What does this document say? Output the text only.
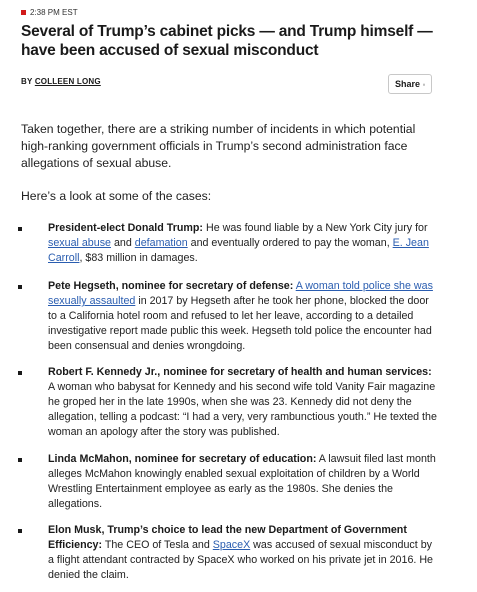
2:38 PM EST
Several of Trump’s cabinet picks — and Trump himself — have been accused of sexual misconduct
BY COLLEEN LONG	Share

Taken together, there are a striking number of incidents in which potential high-ranking government officials in Trump’s second administration face allegations of sexual abuse.

Here’s a look at some of the cases:

President-elect Donald Trump: He was found liable by a New York City jury for sexual abuse and defamation and eventually ordered to pay the woman, E. Jean Carroll, $83 million in damages.
Pete Hegseth, nominee for secretary of defense: A woman told police she was sexually assaulted in 2017 by Hegseth after he took her phone, blocked the door to a California hotel room and refused to let her leave, according to a detailed investigative report made public this week. Hegseth told police the encounter had been consensual and denies wrongdoing.
Robert F. Kennedy Jr., nominee for secretary of health and human services: A woman who babysat for Kennedy and his second wife told Vanity Fair magazine he groped her in the late 1990s, when she was 23. Kennedy did not deny the allegation, telling a podcast: “I had a very, very rambunctious youth.” He texted the woman an apology after the story was published.
Linda McMahon, nominee for secretary of education: A lawsuit filed last month alleges McMahon knowingly enabled sexual exploitation of children by a World Wrestling Entertainment employee as early as the 1980s. She denies the allegations.
Elon Musk, Trump’s choice to lead the new Department of Government Efficiency: The CEO of Tesla and SpaceX was accused of sexual misconduct by a flight attendant contracted by SpaceX who worked on his private jet in 2016. He denied the claim.
